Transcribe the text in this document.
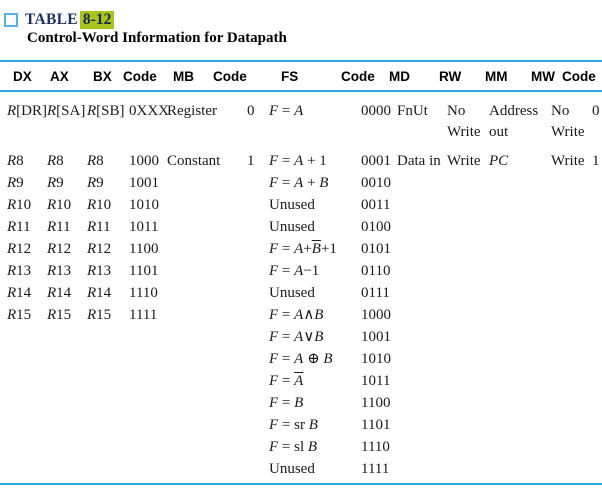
TABLE 8-12
Control-Word Information for Datapath
DX	AX	BX	Code	MB	Code	FS	Code	MD	RW	MM	MW	Code
R[DR]	R[SA]	R[SB]	0XXX	Register	0	F = A	0000	FnUt	No Write	Address out	No Write	0
R8	R8	R8	1000	Constant	1	F = A + 1	0001	Data in	Write	PC	Write	1
R9	R9	R9	1001			F = A + B	0010					
R10	R10	R10	1010			Unused	0011					
R11	R11	R11	1011			Unused	0100					
R12	R12	R12	1100			$F = A+\overline{B}+1$	0101					
R13	R13	R13	1101			F = A−1	0110					
R14	R14	R14	1110			Unused	0111					
R15	R15	R15	1111			F = A∧B	1000					
						F = A∨B	1001					
						F = A ⊕ B	1010					
						$F = \overline{A}$	1011					
						F = B	1100					
						F = sr B	1101					
						F = sl B	1110					
						Unused	1111					
